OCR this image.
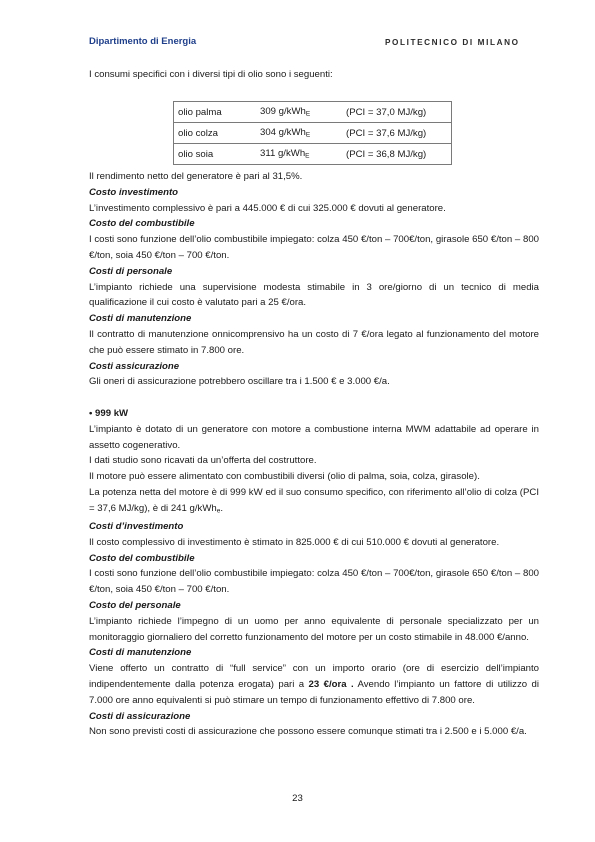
Dipartimento di Energia	POLITECNICO DI MILANO
I consumi specifici con i diversi tipi di olio sono i seguenti:
olio palma	309 g/kWh$_E$	(PCI = 37,0 MJ/kg)
olio colza	304 g/kWh$_E$	(PCI = 37,6 MJ/kg)
olio soia	311 g/kWh$_E$	(PCI = 36,8 MJ/kg)

Il rendimento netto del generatore è pari al 31,5%.

Costo investimento

L’investimento complessivo è pari a 445.000 € di cui 325.000 € dovuti al generatore.

Costo del combustibile

I costi sono funzione dell’olio combustibile impiegato: colza 450 €/ton – 700€/ton, girasole 650 €/ton – 800 €/ton, soia 450 €/ton – 700 €/ton.

Costi di personale

L’impianto richiede una supervisione modesta stimabile in 3 ore/giorno di un tecnico di media qualificazione il cui costo è valutato pari a 25 €/ora.

Costi di manutenzione

Il contratto di manutenzione onnicomprensivo ha un costo di 7 €/ora legato al funzionamento del motore che può essere stimato in 7.800 ore.

Costi assicurazione

Gli oneri di assicurazione potrebbero oscillare tra i 1.500 € e 3.000 €/a.

• 999 kW

L’impianto è dotato di un generatore con motore a combustione interna MWM adattabile ad operare in assetto cogenerativo.

I dati studio sono ricavati da un’offerta del costruttore.

Il motore può essere alimentato con combustibili diversi (olio di palma, soia, colza, girasole).

La potenza netta del motore è di 999 kW ed il suo consumo specifico, con riferimento all’olio di colza (PCI = 37,6 MJ/kg), è di 241 g/kWh$_e$.

Costi d’investimento

Il costo complessivo di investimento è stimato in 825.000 € di cui 510.000 € dovuti al generatore.

Costo del combustibile

I costi sono funzione dell’olio combustibile impiegato: colza 450 €/ton – 700€/ton, girasole 650 €/ton – 800 €/ton, soia 450 €/ton – 700 €/ton.

Costo del personale

L’impianto richiede l’impegno di un uomo per anno equivalente di personale specializzato per un monitoraggio giornaliero del corretto funzionamento del motore per un costo stimabile in 48.000 €/anno.

Costi di manutenzione

Viene offerto un contratto di “full service” con un importo orario (ore di esercizio dell’impianto indipendentemente dalla potenza erogata) pari a 23 €/ora . Avendo l’impianto un fattore di utilizzo di 7.000 ore anno equivalenti si può stimare un tempo di funzionamento effettivo di 7.800 ore.

Costi di assicurazione

Non sono previsti costi di assicurazione che possono essere comunque stimati tra i 2.500 e i 5.000 €/a.

23
